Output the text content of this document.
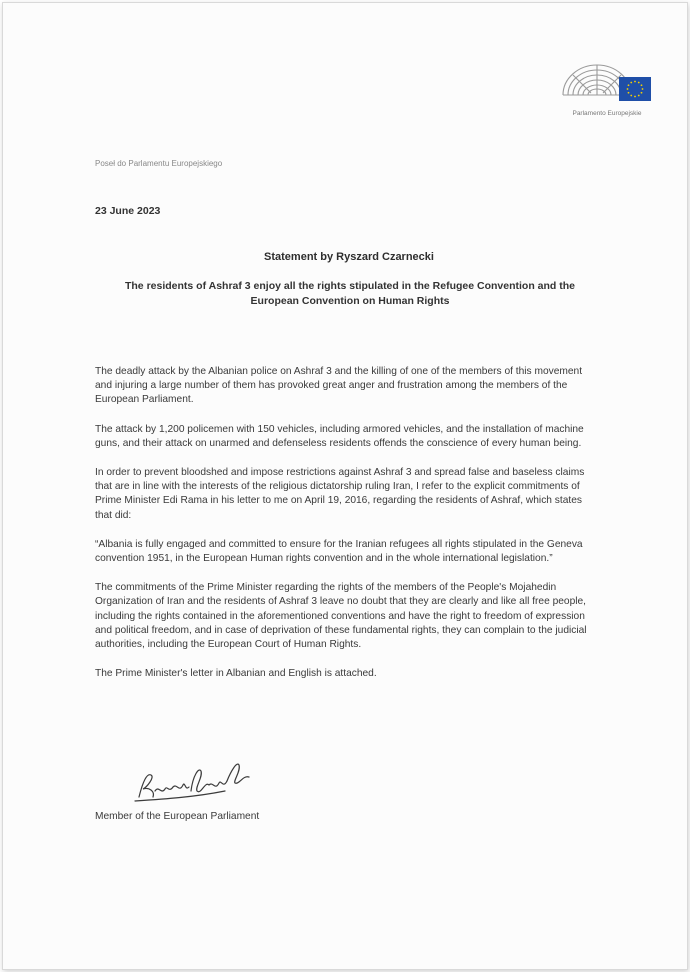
Parlamento Europejskie
Poseł do Parlamentu Europejskiego
23 June 2023
Statement by Ryszard Czarnecki
The residents of Ashraf 3 enjoy all the rights stipulated in the Refugee Convention and the European Convention on Human Rights

The deadly attack by the Albanian police on Ashraf 3 and the killing of one of the members of this movement and injuring a large number of them has provoked great anger and frustration among the members of the European Parliament.

The attack by 1,200 policemen with 150 vehicles, including armored vehicles, and the installation of machine guns, and their attack on unarmed and defenseless residents offends the conscience of every human being.

In order to prevent bloodshed and impose restrictions against Ashraf 3 and spread false and baseless claims that are in line with the interests of the religious dictatorship ruling Iran, I refer to the explicit commitments of Prime Minister Edi Rama in his letter to me on April 19, 2016, regarding the residents of Ashraf, which states that did:

“Albania is fully engaged and committed to ensure for the Iranian refugees all rights stipulated in the Geneva convention 1951, in the European Human rights convention and in the whole international legislation.”

The commitments of the Prime Minister regarding the rights of the members of the People's Mojahedin Organization of Iran and the residents of Ashraf 3 leave no doubt that they are clearly and like all free people, including the rights contained in the aforementioned conventions and have the right to freedom of expression and political freedom, and in case of deprivation of these fundamental rights, they can complain to the judicial authorities, including the European Court of Human Rights.

The Prime Minister's letter in Albanian and English is attached.

Member of the European Parliament
